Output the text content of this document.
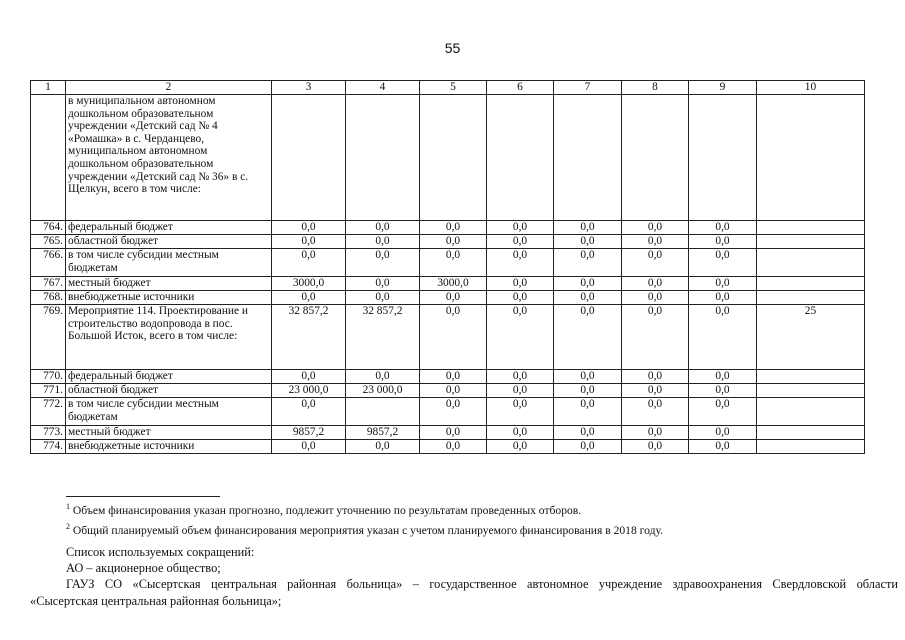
55
1	2	3	4	5	6	7	8	9	10
	в муниципальном автономном дошкольном образовательном учреждении «Детский сад № 4 «Ромашка» в с. Черданцево, муниципальном автономном дошкольном образовательном учреждении «Детский сад № 36» в с. Щелкун, всего в том числе:								
764.	федеральный бюджет	0,0	0,0	0,0	0,0	0,0	0,0	0,0	
765.	областной бюджет	0,0	0,0	0,0	0,0	0,0	0,0	0,0	
766.	в том числе субсидии местным бюджетам	0,0	0,0	0,0	0,0	0,0	0,0	0,0	
767.	местный бюджет	3000,0	0,0	3000,0	0,0	0,0	0,0	0,0	
768.	внебюджетные источники	0,0	0,0	0,0	0,0	0,0	0,0	0,0	
769.	Мероприятие 114. Проектирование и строительство водопровода в пос. Большой Исток, всего в том числе:	32 857,2	32 857,2	0,0	0,0	0,0	0,0	0,0	25
770.	федеральный бюджет	0,0	0,0	0,0	0,0	0,0	0,0	0,0	
771.	областной бюджет	23 000,0	23 000,0	0,0	0,0	0,0	0,0	0,0	
772.	в том числе субсидии местным бюджетам	0,0		0,0	0,0	0,0	0,0	0,0	
773.	местный бюджет	9857,2	9857,2	0,0	0,0	0,0	0,0	0,0	
774.	внебюджетные источники	0,0	0,0	0,0	0,0	0,0	0,0	0,0	
$^1$ Объем финансирования указан прогнозно, подлежит уточнению по результатам проведенных отборов.
$^2$ Общий планируемый объем финансирования мероприятия указан с учетом планируемого финансирования в 2018 году.
Список используемых сокращений:
АО – акционерное общество;
ГАУЗ СО «Сысертская центральная районная больница» – государственное автономное учреждение здравоохранения Свердловской области
«Сысертская центральная районная больница»;
